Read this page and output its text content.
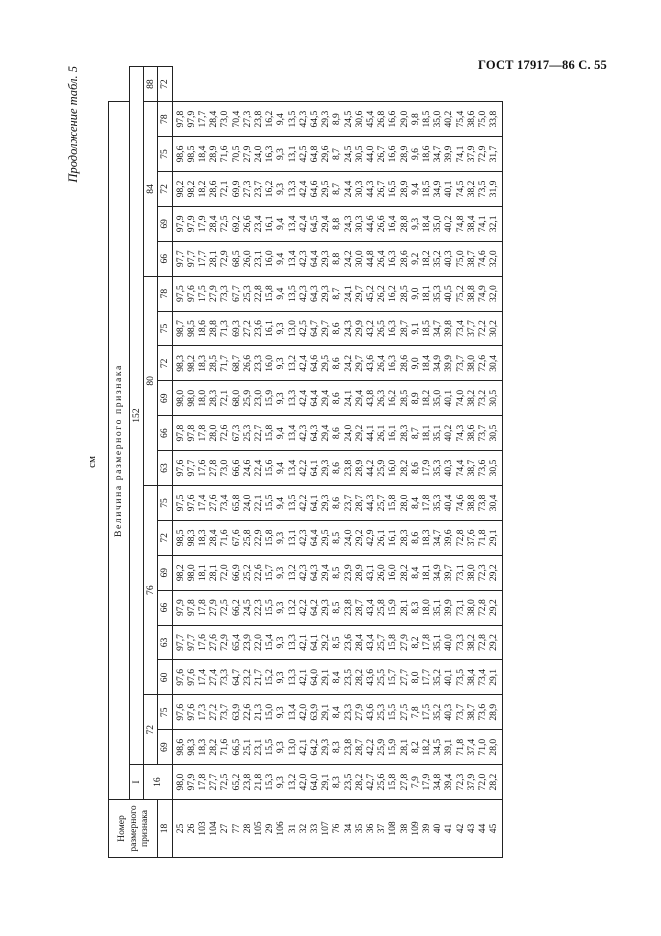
ГОСТ 17917—86 С. 55
Продолжение табл. 5
см
Номер размерного признака	Величина размерного признака																				
	I	152																			
	16	72		76						80						84					88
18		69	75	60	63	66	69	72	75	63	66	69	72	75	78	66	69	72	75	78	72
25	98,0	98,6	97,6	97,6	97,7	97,9	98,2	98,5	97,5	97,6	97,8	98,0	98,3	98,7	97,5	97,7	97,9	98,2	98,6	97,8	
26	97,9	98,3	97,6	97,6	97,7	97,8	98,0	98,3	97,6	97,7	97,8	98,0	98,2	98,5	97,6	97,7	97,9	98,2	98,5	97,9	
103	17,8	18,3	17,3	17,4	17,6	17,8	18,1	18,3	17,4	17,6	17,8	18,0	18,3	18,6	17,5	17,7	17,9	18,2	18,4	17,7	
104	27,7	28,2	27,2	27,4	27,6	27,9	28,1	28,4	27,6	27,8	28,0	28,3	28,5	28,8	27,9	28,1	28,4	28,6	28,9	28,4	
27	72,5	71,6	73,7	73,3	72,9	72,5	72,0	71,6	73,4	73,0	72,6	72,1	71,7	71,3	73,3	72,9	72,5	72,1	71,6	73,0	
77	65,2	66,5	63,9	64,7	65,4	66,2	66,9	67,6	65,8	66,6	67,3	68,0	68,7	69,3	67,7	68,5	69,2	69,9	70,5	70,4	
28	23,8	25,1	22,6	23,2	23,9	24,5	25,2	25,8	24,0	24,6	25,3	25,9	26,6	27,2	25,3	26,0	26,6	27,3	27,9	27,3	
105	21,8	23,1	21,3	21,7	22,0	22,3	22,6	22,9	22,1	22,4	22,7	23,0	23,3	23,6	22,8	23,1	23,4	23,7	24,0	23,8	
29	15,3	15,5	15,0	15,2	15,4	15,5	15,7	15,8	15,5	15,6	15,8	15,9	16,0	16,1	15,8	16,0	16,1	16,2	16,3	16,2	
106	9,3	9,3	9,3	9,3	9,3	9,3	9,3	9,3	9,4	9,4	9,4	9,3	9,3	9,3	9,4	9,4	9,4	9,3	9,3	9,4	
31	13,2	13,0	13,4	13,3	13,3	13,2	13,2	13,1	13,5	13,4	13,4	13,3	13,2	13,0	13,5	13,4	13,4	13,3	13,1	13,5	
32	42,0	42,1	42,0	42,1	42,1	42,2	42,3	42,3	42,2	42,2	42,3	42,4	42,4	42,5	42,3	42,3	42,4	42,4	42,5	42,3	
33	64,0	64,2	63,9	64,0	64,1	64,2	64,3	64,4	64,1	64,1	64,3	64,4	64,6	64,7	64,3	64,4	64,5	64,6	64,8	64,5	
107	29,1	29,3	29,1	29,1	29,2	29,3	29,4	29,5	29,3	29,3	29,4	29,4	29,5	29,7	29,3	29,3	29,4	29,5	29,6	29,3	
76	8,3	8,3	8,4	8,4	8,5	8,5	8,5	8,5	8,6	8,6	8,6	8,6	8,6	8,6	8,7	8,8	8,8	8,7	8,7	8,9	
34	23,5	23,8	23,3	23,5	23,6	23,8	23,9	24,0	23,7	23,8	24,0	24,1	24,2	24,3	24,1	24,2	24,3	24,4	24,5	24,5	
35	28,2	28,7	27,9	28,2	28,4	28,7	28,9	29,2	28,7	28,9	29,2	29,4	29,7	29,9	29,7	30,0	30,3	30,3	30,5	30,6	
36	42,7	42,2	43,6	43,6	43,4	43,4	43,1	42,9	44,3	44,2	44,1	43,8	43,6	43,2	45,2	44,8	44,6	44,3	44,0	45,4	
37	25,6	25,9	25,3	25,5	25,7	25,8	26,0	26,1	25,7	25,9	26,1	26,3	26,4	26,5	26,2	26,4	26,6	26,7	26,7	26,8	
108	15,8	15,9	15,5	15,7	15,8	15,9	16,0	16,1	15,8	16,0	16,1	16,2	16,3	16,3	16,2	16,3	16,4	16,5	16,6	16,6	
38	27,8	28,1	27,5	27,7	27,9	28,1	28,2	28,3	28,0	28,2	28,3	28,5	28,6	28,7	28,5	28,6	28,8	28,9	28,9	29,0	
109	7,9	8,2	7,8	8,0	8,2	8,3	8,4	8,6	8,4	8,6	8,7	8,9	9,0	9,1	9,0	9,2	9,3	9,4	9,6	9,8	
39	17,9	18,2	17,5	17,7	17,8	18,0	18,1	18,3	17,8	17,9	18,1	18,2	18,4	18,5	18,1	18,2	18,4	18,5	18,6	18,5	
40	34,8	34,5	35,2	35,2	35,1	35,1	34,9	34,7	35,3	35,3	35,1	35,0	34,9	34,7	35,3	35,2	35,0	34,9	34,7	35,0	
41	39,4	39,1	40,3	40,1	40,0	39,9	39,7	39,6	40,4	40,3	40,2	40,1	39,9	39,8	40,5	40,3	40,2	40,1	39,9	40,2	
42	72,3	71,8	73,7	73,5	73,3	73,1	73,1	72,8	74,6	74,4	74,3	74,0	73,7	73,4	75,2	75,0	74,8	74,5	74,1	75,4	
43	37,9	37,4	38,7	38,4	38,2	38,0	38,0	37,6	38,8	38,7	38,6	38,2	38,0	37,7	38,8	38,7	38,4	38,2	37,9	38,6	
44	72,0	71,0	73,6	73,4	72,8	72,8	72,3	71,8	73,8	73,6	73,7	73,2	72,6	72,2	74,9	74,6	74,1	73,5	72,9	75,0	
45	28,2	28,0	28,9	29,1	29,2	29,2	29,2	29,1	30,4	30,5	30,5	30,5	30,4	30,2	32,0	32,0	32,1	31,9	31,7	33,8	
